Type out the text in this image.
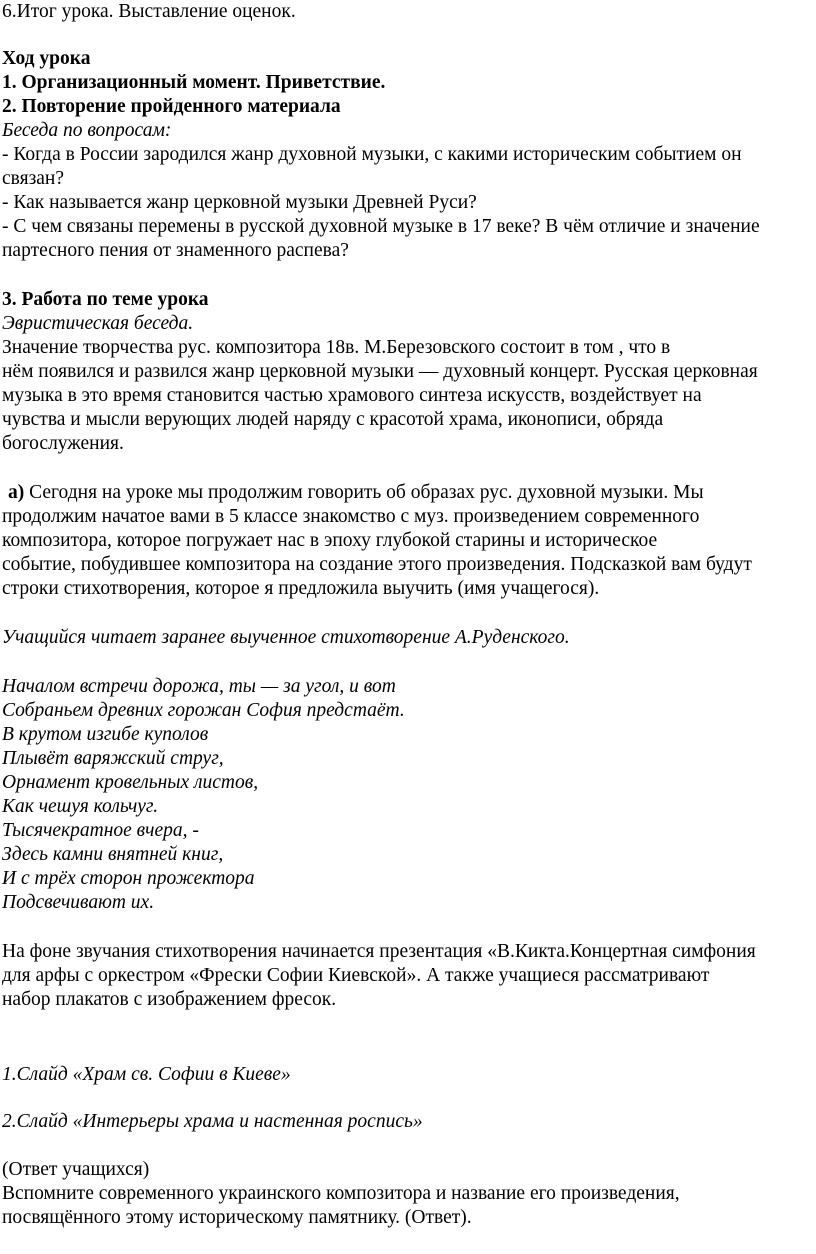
6.Итог урока. Выставление оценок.

Ход урока

1. Организационный момент. Приветствие.

2. Повторение пройденного материала

Беседа по вопросам:

- Когда в России зародился жанр духовной музыки, с какими историческим событием он

связан?

- Как называется жанр церковной музыки Древней Руси?

- С чем связаны перемены в русской духовной музыке в 17 веке? В чём отличие и значение

партесного пения от знаменного распева?

3. Работа по теме урока

Эвристическая беседа.

Значение творчества рус. композитора 18в. М.Березовского состоит в том , что в

нём появился и развился жанр церковной музыки — духовный концерт. Русская церковная

музыка в это время становится частью храмового синтеза искусств, воздействует на

чувства и мысли верующих людей наряду с красотой храма, иконописи, обряда

богослужения.

а) Сегодня на уроке мы продолжим говорить об образах рус. духовной музыки. Мы

продолжим начатое вами в 5 классе знакомство с муз. произведением современного

композитора, которое погружает нас в эпоху глубокой старины и историческое

событие, побудившее композитора на создание этого произведения. Подсказкой вам будут

строки стихотворения, которое я предложила выучить (имя учащегося).

Учащийся читает заранее выученное стихотворение А.Руденского.

Началом встречи дорожа, ты — за угол, и вот

Собраньем древних горожан София предстаёт.

В крутом изгибе куполов

Плывёт варяжский струг,

Орнамент кровельных листов,

Как чешуя кольчуг.

Тысячекратное вчера, -

Здесь камни внятней книг,

И с трёх сторон прожектора

Подсвечивают их.

На фоне звучания стихотворения начинается презентация «В.Кикта.Концертная симфония

для арфы с оркестром «Фрески Софии Киевской». А также учащиеся рассматривают

набор плакатов с изображением фресок.

1.Слайд «Храм св. Софии в Киеве»

2.Слайд «Интерьеры храма и настенная роспись»

(Ответ учащихся)

Вспомните современного украинского композитора и название его произведения,

посвящённого этому историческому памятнику. (Ответ).
